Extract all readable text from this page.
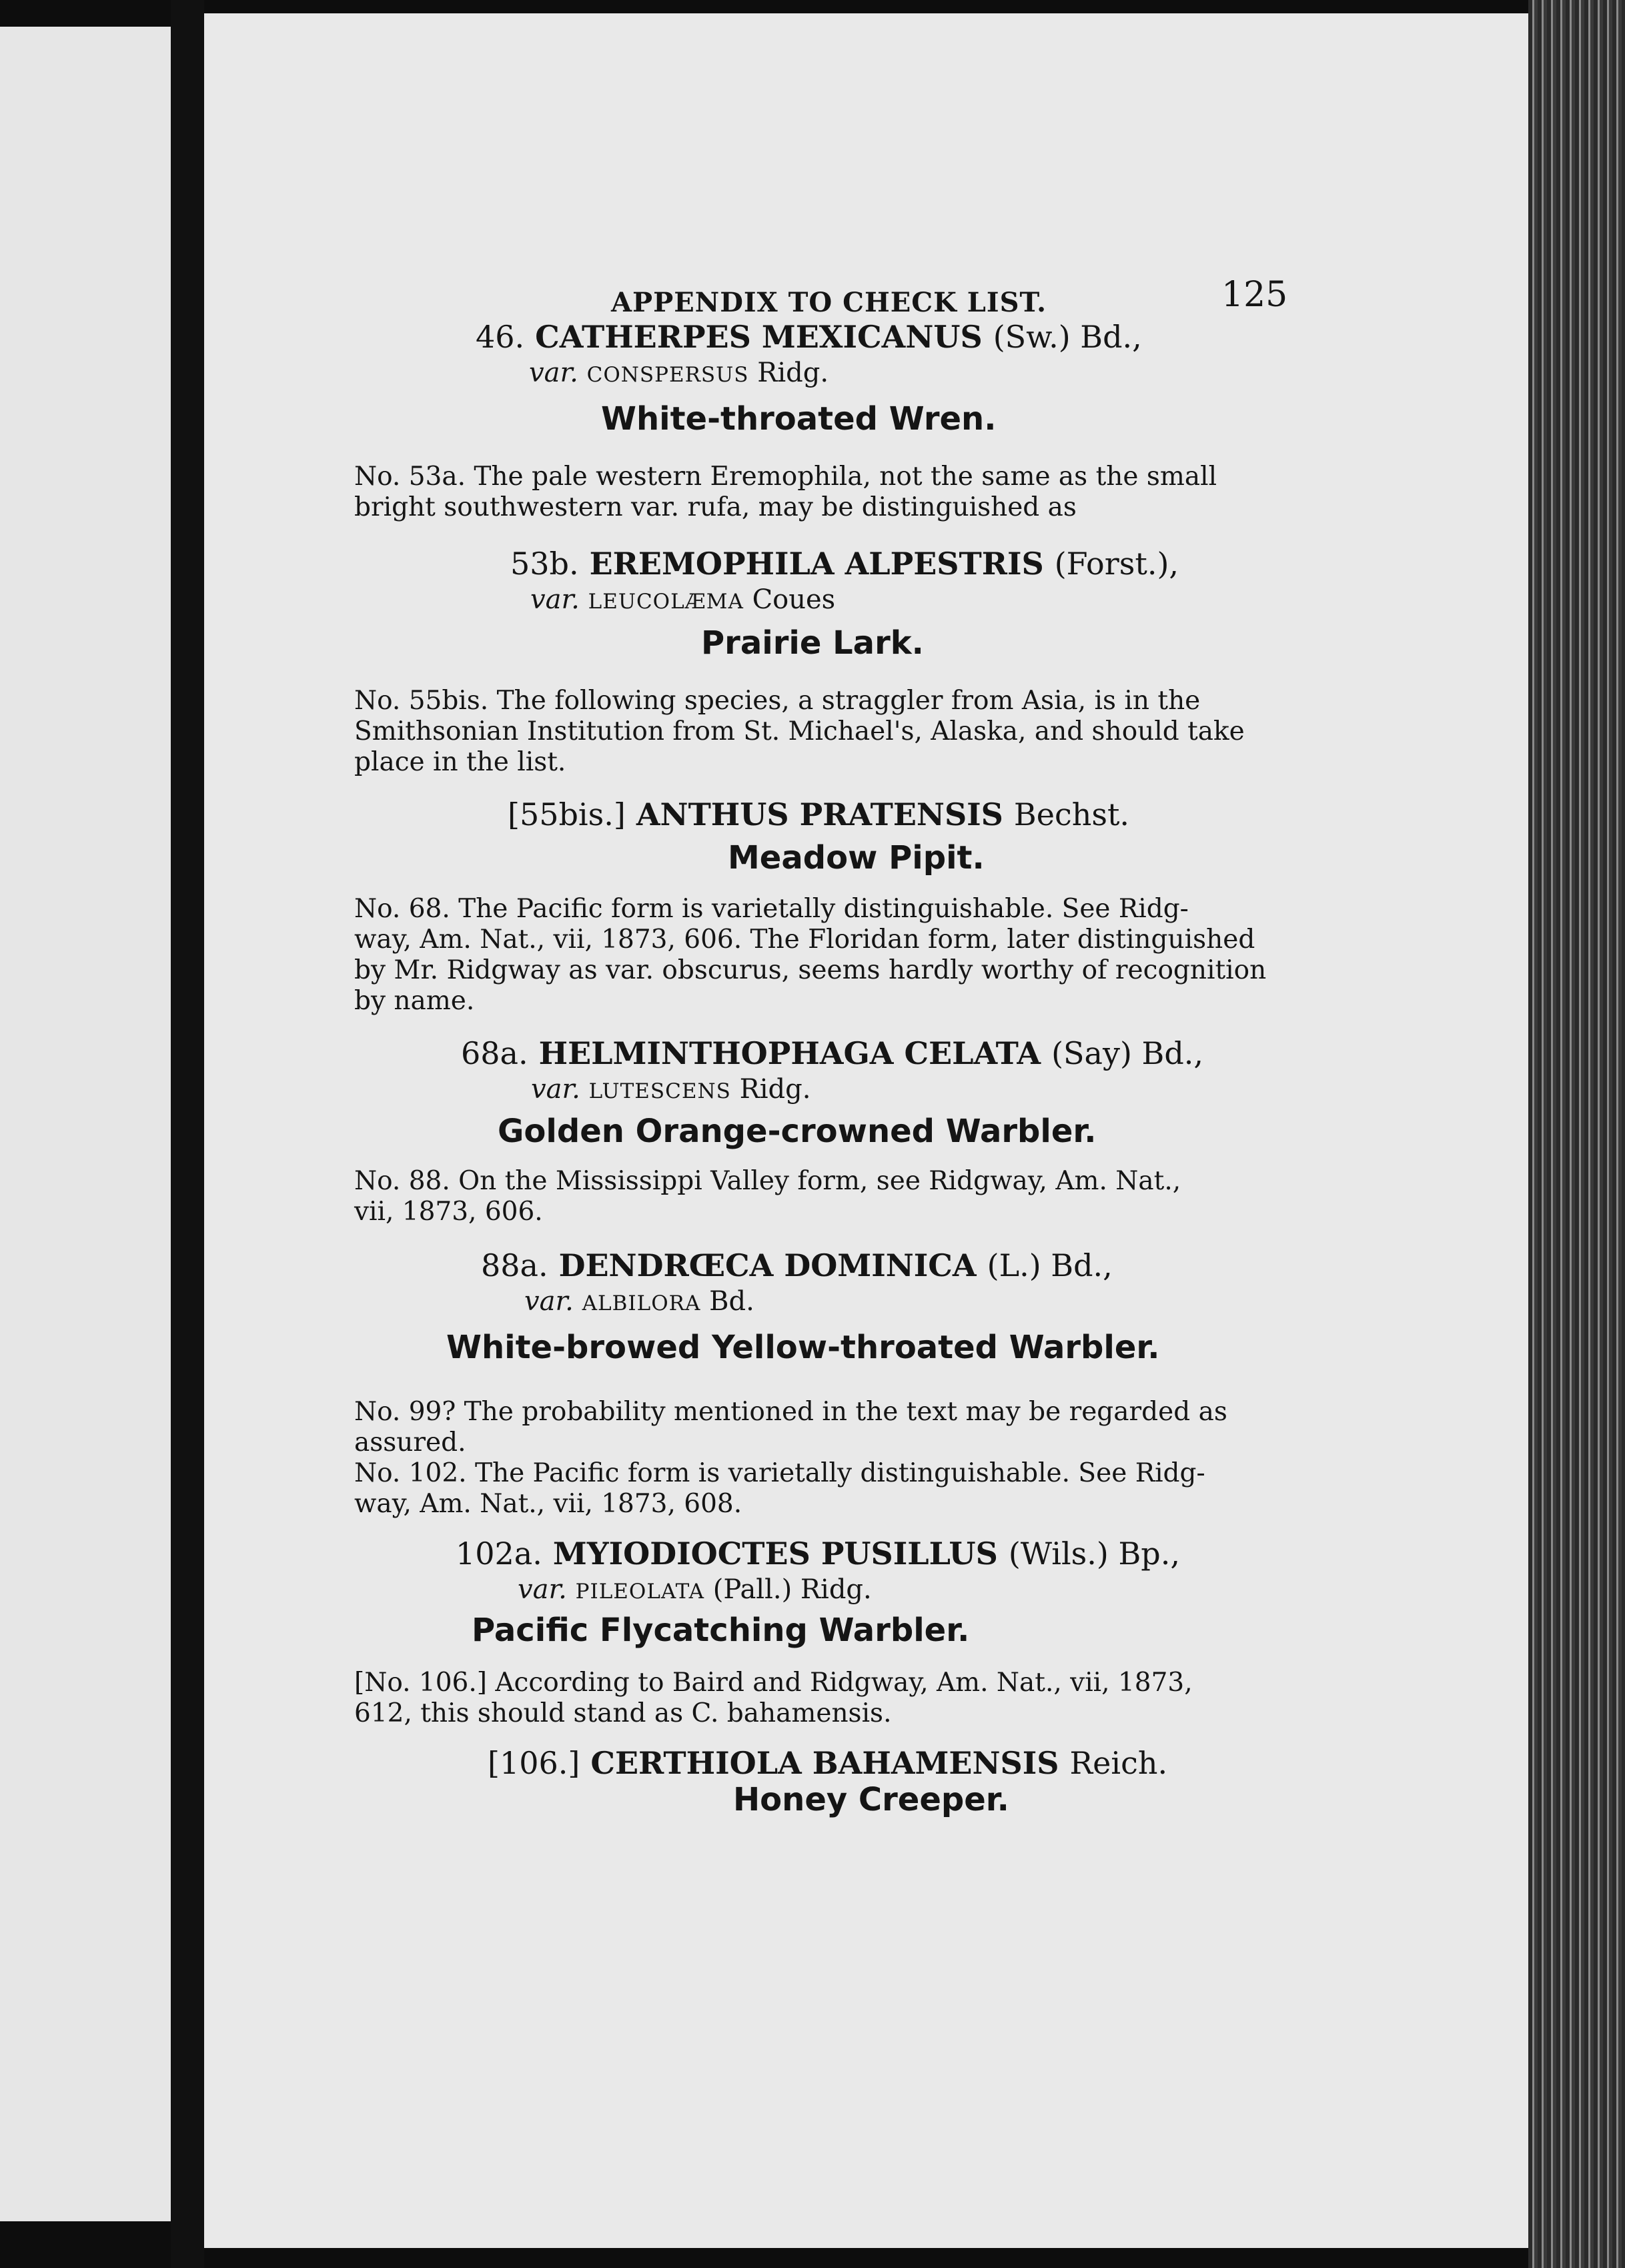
APPENDIX TO CHECK LIST.	125

46. CATHERPES MEXICANUS (Sw.) Bd.,

var. CONSPERSUS Ridg.

White-throated Wren.

No. 53a. The pale western Eremophila, not the same as the small

bright southwestern var. rufa, may be distinguished as

53b. EREMOPHILA ALPESTRIS (Forst.),

var. LEUCOLÆMA Coues

Prairie Lark.

No. 55bis. The following species, a straggler from Asia, is in the

Smithsonian Institution from St. Michael's, Alaska, and should take

place in the list.

[55bis.] ANTHUS PRATENSIS Bechst.

Meadow Pipit.

No. 68. The Pacific form is varietally distinguishable. See Ridg-

way, Am. Nat., vii, 1873, 606. The Floridan form, later distinguished

by Mr. Ridgway as var. obscurus, seems hardly worthy of recognition

by name.

68a. HELMINTHOPHAGA CELATA (Say) Bd.,

var. LUTESCENS Ridg.

Golden Orange-crowned Warbler.

No. 88. On the Mississippi Valley form, see Ridgway, Am. Nat.,

vii, 1873, 606.

88a. DENDRŒCA DOMINICA (L.) Bd.,

var. ALBILORA Bd.

White-browed Yellow-throated Warbler.

No. 99? The probability mentioned in the text may be regarded as

assured.

No. 102. The Pacific form is varietally distinguishable. See Ridg-

way, Am. Nat., vii, 1873, 608.

102a. MYIODIOCTES PUSILLUS (Wils.) Bp.,

var. PILEOLATA (Pall.) Ridg.

Pacific Flycatching Warbler.

[No. 106.] According to Baird and Ridgway, Am. Nat., vii, 1873,

612, this should stand as C. bahamensis.

[106.] CERTHIOLA BAHAMENSIS Reich.

Honey Creeper.
